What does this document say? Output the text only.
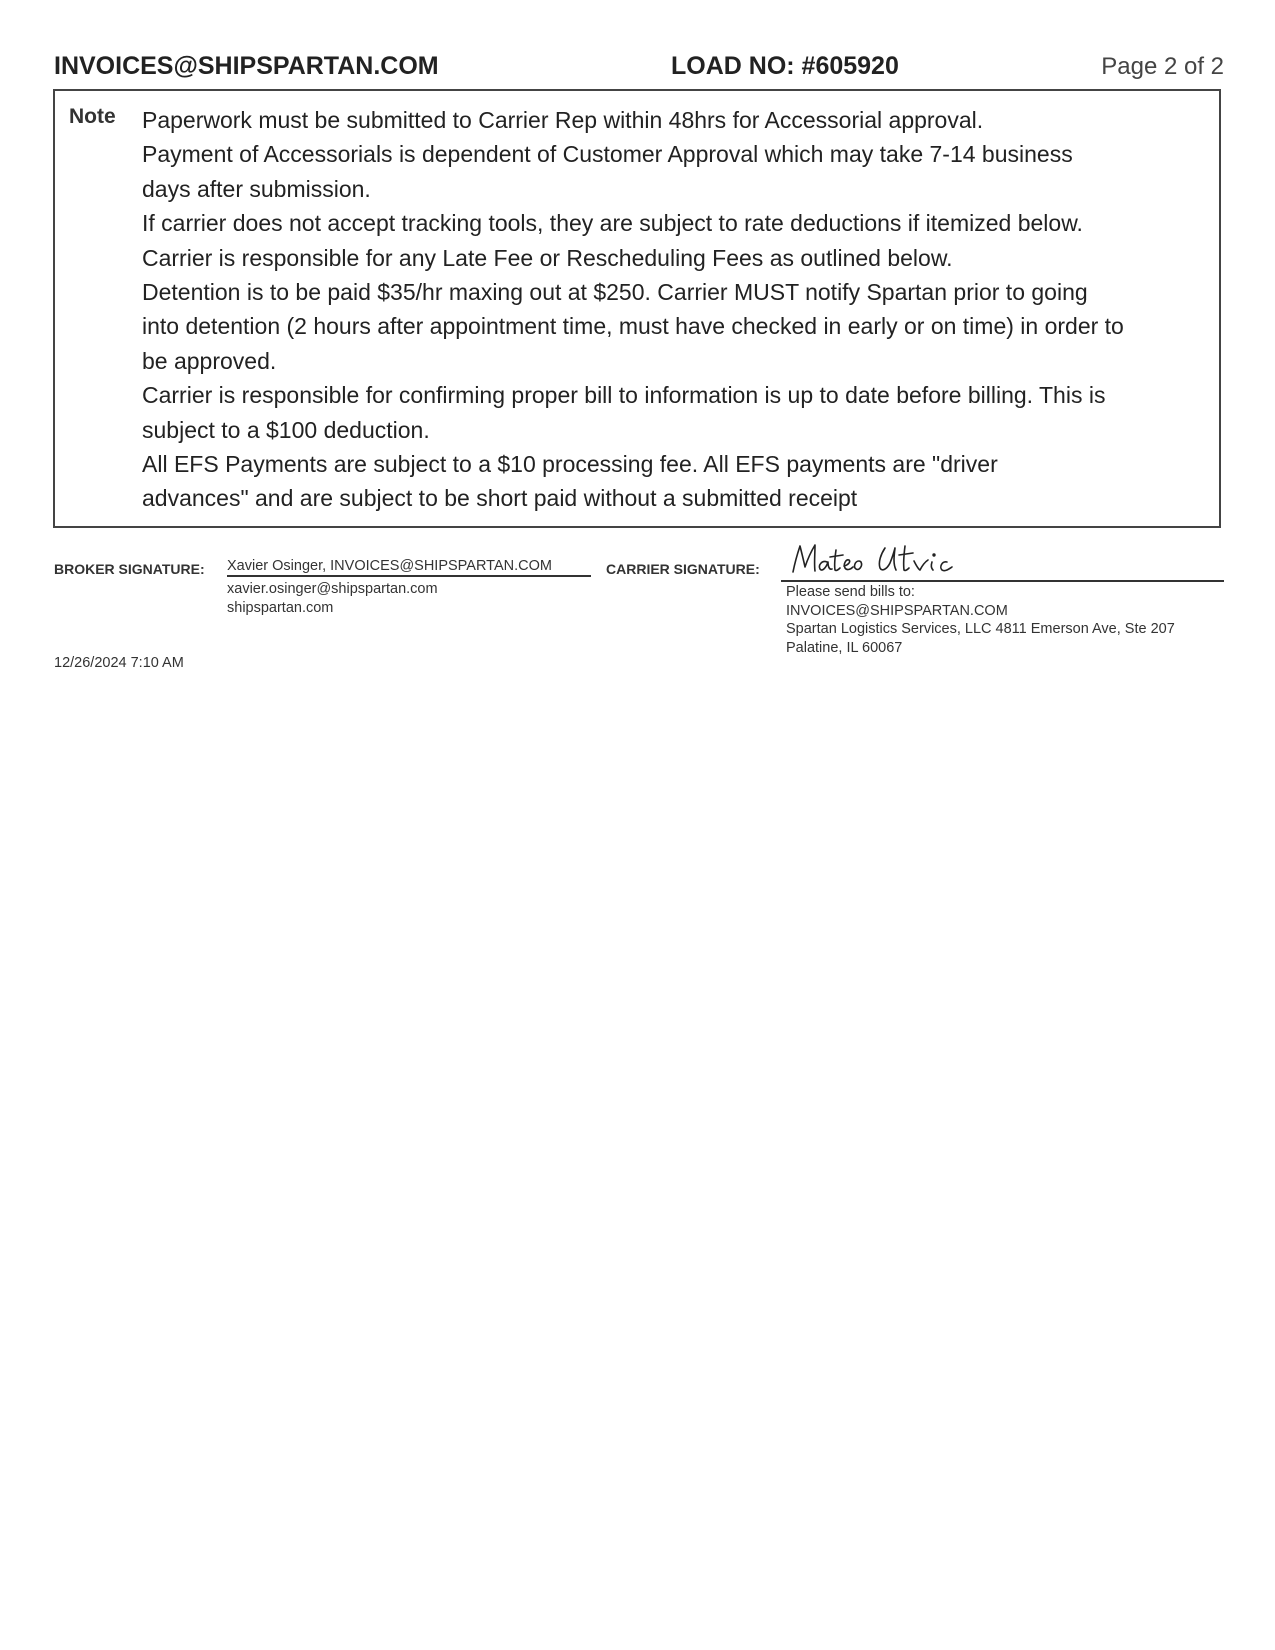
INVOICES@SHIPSPARTAN.COM	LOAD NO: #605920	Page 2 of 2
Note Paperwork must be submitted to Carrier Rep within 48hrs for Accessorial approval.
Payment of Accessorials is dependent of Customer Approval which may take 7-14 business
days after submission.
If carrier does not accept tracking tools, they are subject to rate deductions if itemized below.
Carrier is responsible for any Late Fee or Rescheduling Fees as outlined below.
Detention is to be paid $35/hr maxing out at $250. Carrier MUST notify Spartan prior to going
into detention (2 hours after appointment time, must have checked in early or on time) in order to
be approved.
Carrier is responsible for confirming proper bill to information is up to date before billing. This is
subject to a $100 deduction.
All EFS Payments are subject to a $10 processing fee. All EFS payments are "driver
advances" and are subject to be short paid without a submitted receipt
BROKER SIGNATURE: Xavier Osinger, INVOICES@SHIPSPARTAN.COM
xavier.osinger@shipspartan.com
shipspartan.com
CARRIER SIGNATURE:
Please send bills to:
INVOICES@SHIPSPARTAN.COM
Spartan Logistics Services, LLC 4811 Emerson Ave, Ste 207
Palatine, IL 60067
12/26/2024 7:10 AM
